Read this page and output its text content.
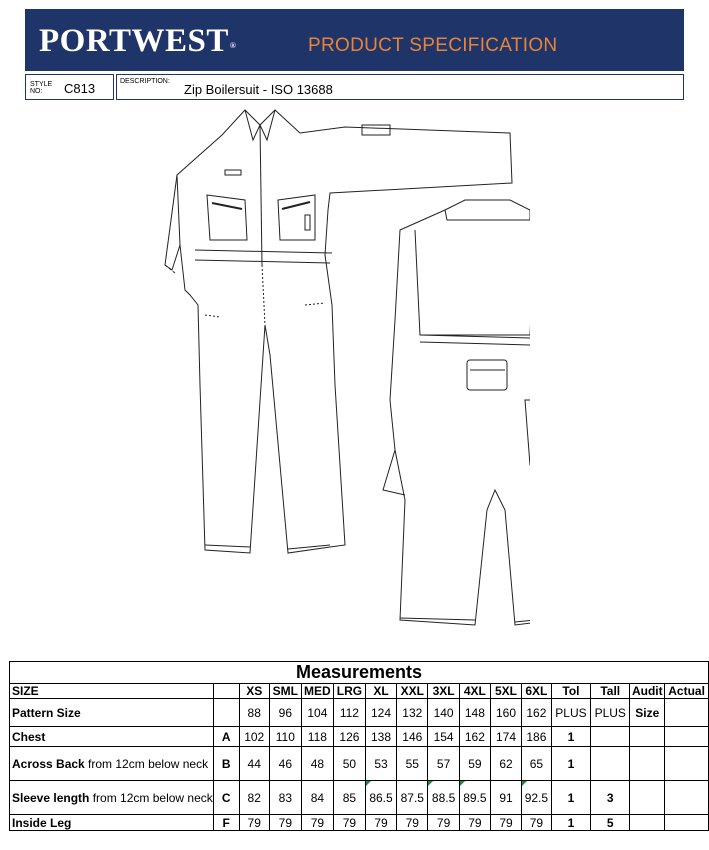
PORTWEST®	PRODUCT SPECIFICATION
STYLE
NO:	C813	DESCRIPTION:
Zip Boilersuit - ISO 13688
Measurements															
SIZE		XS	SML	MED	LRG	XL	XXL	3XL	4XL	5XL	6XL	Tol	Tall	Audit	Actual
Pattern Size		88	96	104	112	124	132	140	148	160	162	PLUS	PLUS	Size	
Chest	A	102	110	118	126	138	146	154	162	174	186	1			
Across Back from 12cm below neck	B	44	46	48	50	53	55	57	59	62	65	1			
Sleeve length from 12cm below neck	C	82	83	84	85	86.5	87.5	88.5	89.5	91	92.5	1	3		
Inside Leg	F	79	79	79	79	79	79	79	79	79	79	1	5		
